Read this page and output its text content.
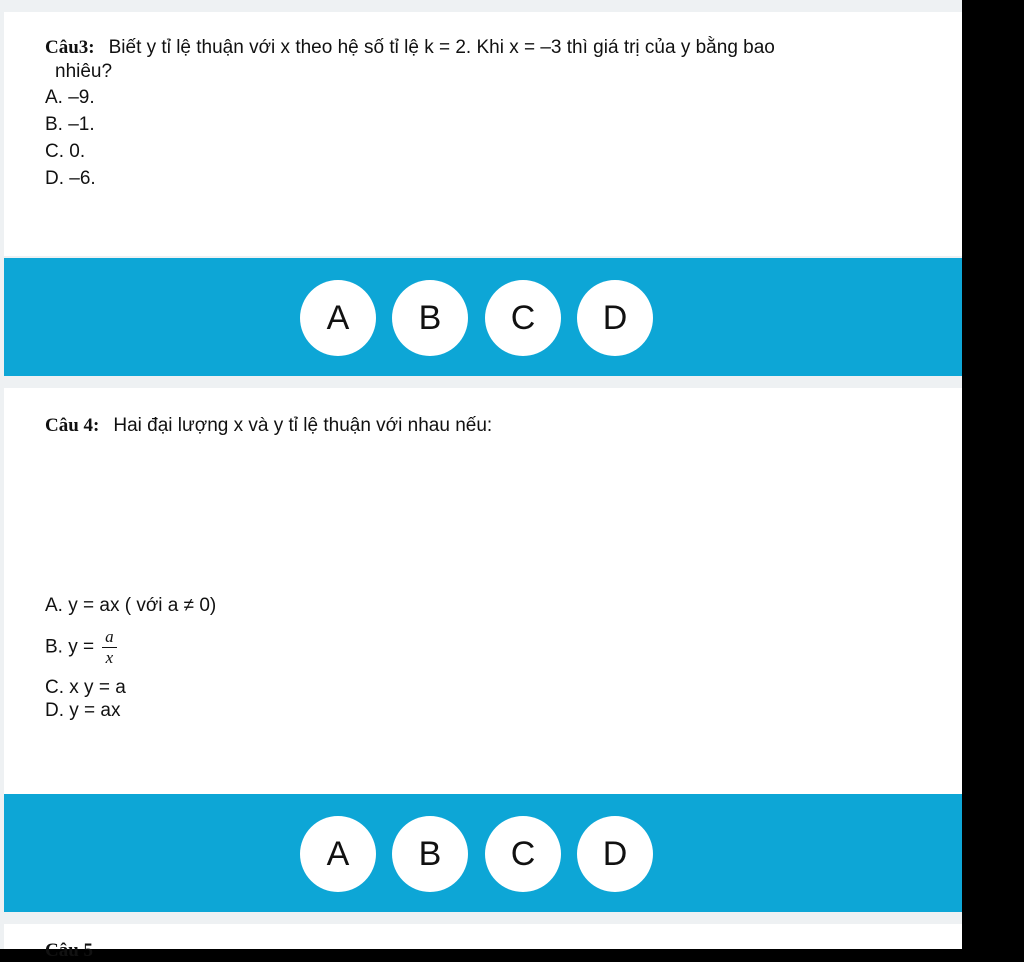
Câu3: Biết y tỉ lệ thuận với x theo hệ số tỉ lệ k = 2. Khi x = –3 thì giá trị của y bằng bao
nhiêu?
A. –9.
B. –1.
C. 0.
D. –6.
A	B	C	D
Câu 4: Hai đại lượng x và y tỉ lệ thuận với nhau nếu:
A. y = ax ( với a ≠ 0)
B. $y = \frac{a}{x}$
C. x y = a
D. y = ax
A	B	C	D
Câu 5
